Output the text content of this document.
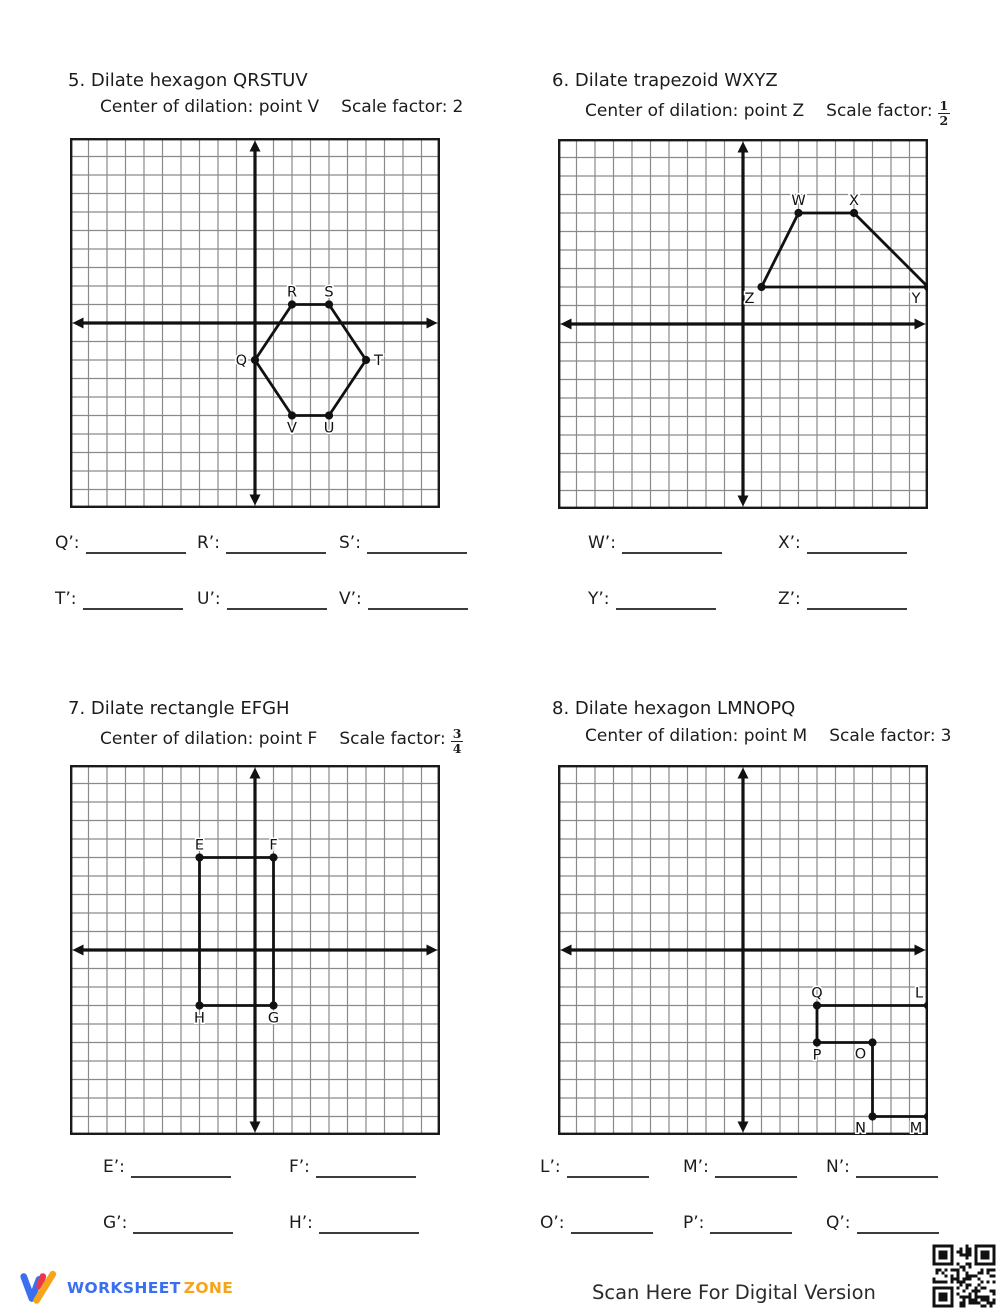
5. Dilate hexagon QRSTUV
Center of dilation: point V Scale factor: 2
Q
R S
T
U
V
Q’:	R’:	S’:
T’:	U’:	V’:
6. Dilate trapezoid WXYZ
Center of dilation: point Z Scale factor: $\frac{1}{2}$
W	X
Y
Z
W’:	X’:
Y’:	Z’:
7. Dilate rectangle EFGH
Center of dilation: point F Scale factor: $\frac{3}{4}$
E	F
G
H
E’:	F’:
G’:	H’:
8. Dilate hexagon LMNOPQ
Center of dilation: point M Scale factor: 3
L
M
N
O
P
Q
L’:	M’:	N’:
O’:	P’:	Q’:
WORKSHEET ZONE	Scan Here For Digital Version
